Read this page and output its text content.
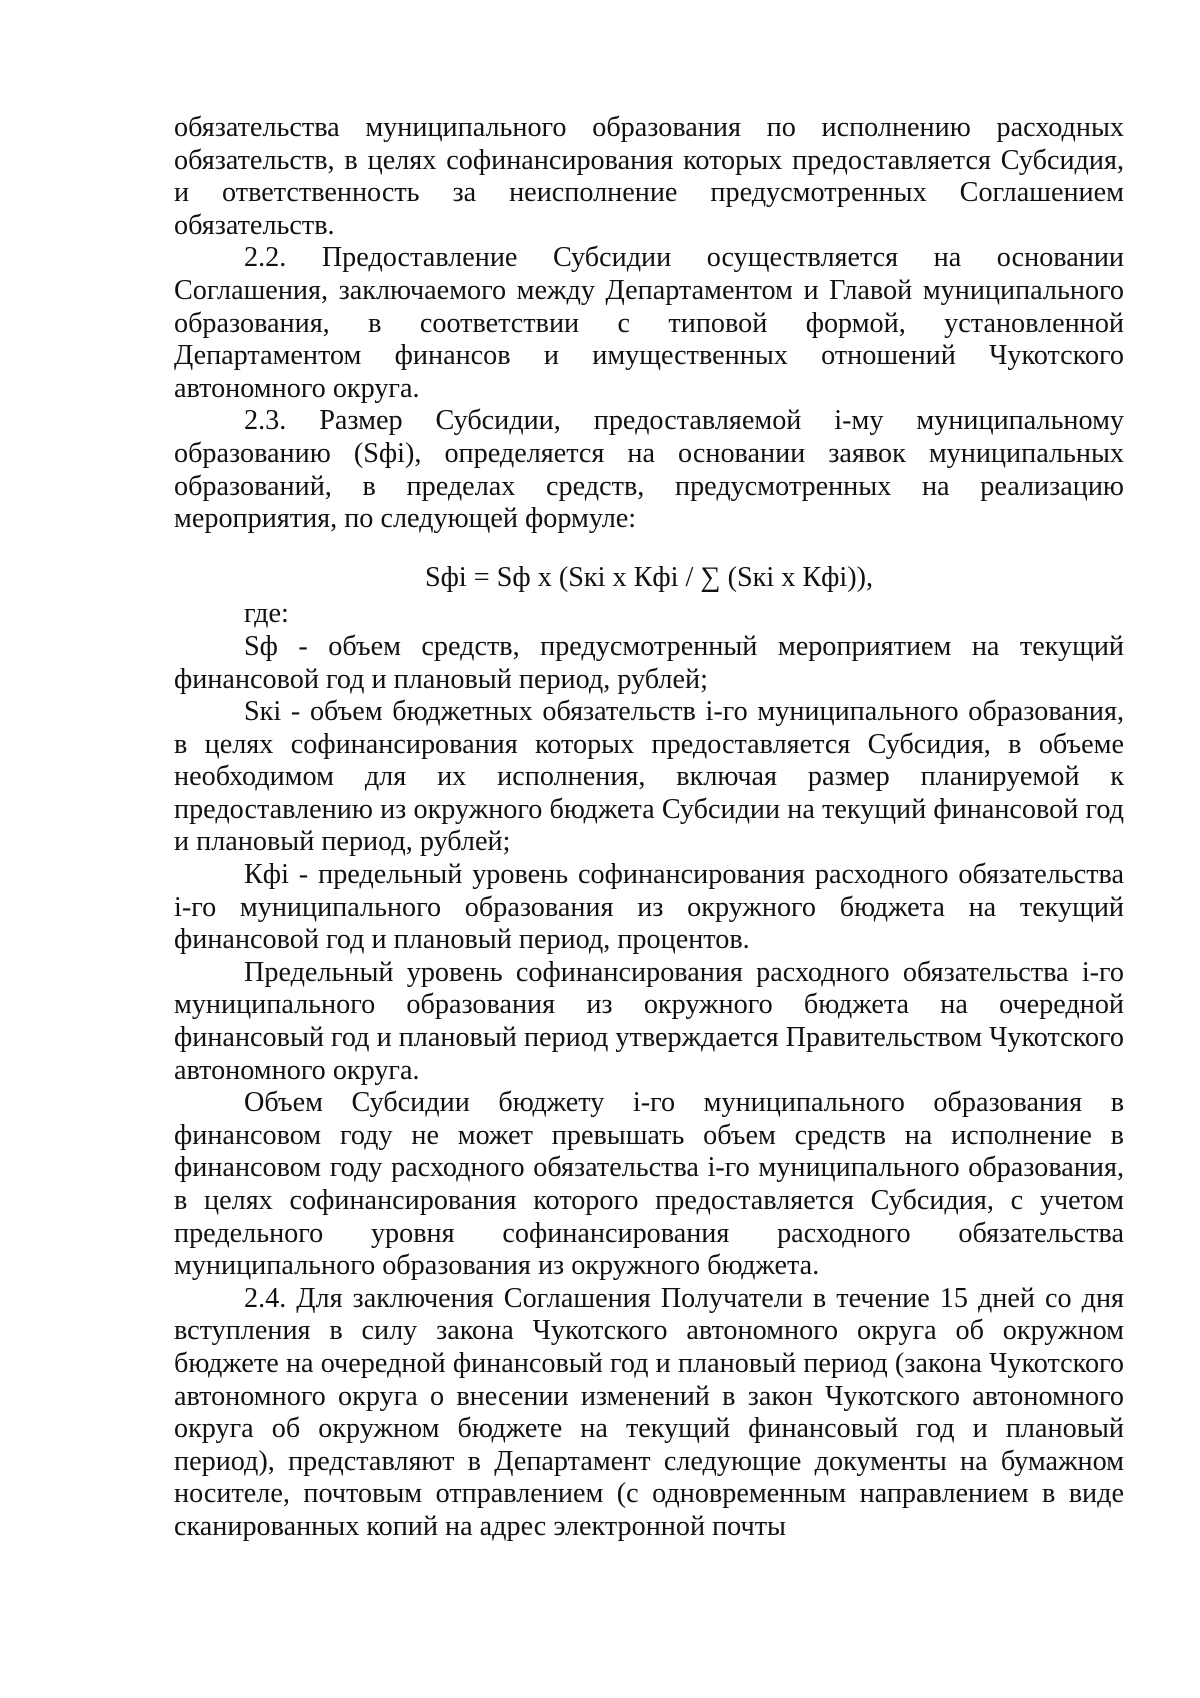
обязательства муниципального образования по исполнению расходных обязательств, в целях софинансирования которых предоставляется Субсидия, и ответственность за неисполнение предусмотренных Соглашением обязательств.

2.2. Предоставление Субсидии осуществляется на основании Соглашения, заключаемого между Департаментом и Главой муниципального образования, в соответствии с типовой формой, установленной Департаментом финансов и имущественных отношений Чукотского автономного округа.

2.3. Размер Субсидии, предоставляемой i-му муниципальному образованию (Sфi), определяется на основании заявок муниципальных образований, в пределах средств, предусмотренных на реализацию мероприятия, по следующей формуле:

Sфi = Sф x (Sкi x Кфi / ∑ (Sкi x Кфi)),

где:

Sф - объем средств, предусмотренный мероприятием на текущий финансовой год и плановый период, рублей;

Sкi - объем бюджетных обязательств i-го муниципального образования, в целях софинансирования которых предоставляется Субсидия, в объеме необходимом для их исполнения, включая размер планируемой к предоставлению из окружного бюджета Субсидии на текущий финансовой год и плановый период, рублей;

Кфi - предельный уровень софинансирования расходного обязательства i-го муниципального образования из окружного бюджета на текущий финансовой год и плановый период, процентов.

Предельный уровень софинансирования расходного обязательства i-го муниципального образования из окружного бюджета на очередной финансовый год и плановый период утверждается Правительством Чукотского автономного округа.

Объем Субсидии бюджету i-го муниципального образования в финансовом году не может превышать объем средств на исполнение в финансовом году расходного обязательства i-го муниципального образования, в целях софинансирования которого предоставляется Субсидия, с учетом предельного уровня софинансирования расходного обязательства муниципального образования из окружного бюджета.

2.4. Для заключения Соглашения Получатели в течение 15 дней со дня вступления в силу закона Чукотского автономного округа об окружном бюджете на очередной финансовый год и плановый период (закона Чукотского автономного округа о внесении изменений в закон Чукотского автономного округа об окружном бюджете на текущий финансовый год и плановый период), представляют в Департамент следующие документы на бумажном носителе, почтовым отправлением (с одновременным направлением в виде сканированных копий на адрес электронной почты
